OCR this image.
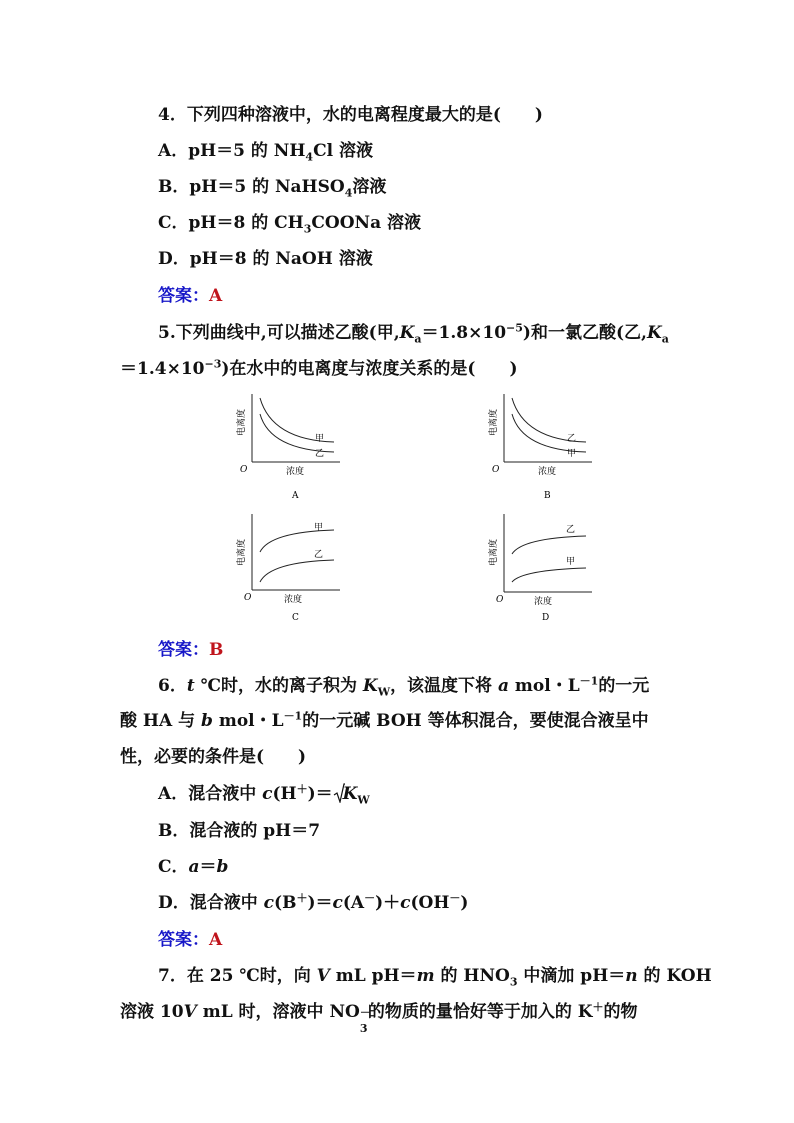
4．下列四种溶液中，水的电离程度最大的是(　　)
A．pH＝5 的 $NH_4Cl$ 溶液
B．pH＝5 的 NaHSO$_4$溶液
C．pH＝8 的 $CH_3COONa$ 溶液
D．pH＝8 的 NaOH 溶液
答案：A
5.下列曲线中,可以描述乙酸(甲$,K_a=1.8\times 10^{-5}$)和一氯乙酸(乙$,K_a$
$=1.4\times 10^{-3}$)在水中的电离度与浓度关系的是(　　)
甲
乙
O	浓度
A
电离度
乙
甲
O	浓度
B
电离度
甲
乙
O	浓度
C
电离度
乙
甲
O	浓度
D
电离度
答案：B
6．t ℃时，水的离子积为 $K_W$，该温度下将 a mol・$L^{-1}$的一元
酸 HA 与 b mol・$L^{-1}$的一元碱 BOH 等体积混合，要使混合液呈中
性，必要的条件是(　　)
A．混合液中 $c(H^+)= K_W$
B．混合液的 pH＝7
C．a＝b
D．混合液中 c(B＋)＝c(A－)＋c(OH－)
答案：A
7．在 25 ℃时，向 V mL pH＝m 的 $HNO_3$ 中滴加 pH＝n 的 KOH
溶液 10V mL 时，溶液中 NO －
3
的物质的量恰好等于加入的 K＋的物
